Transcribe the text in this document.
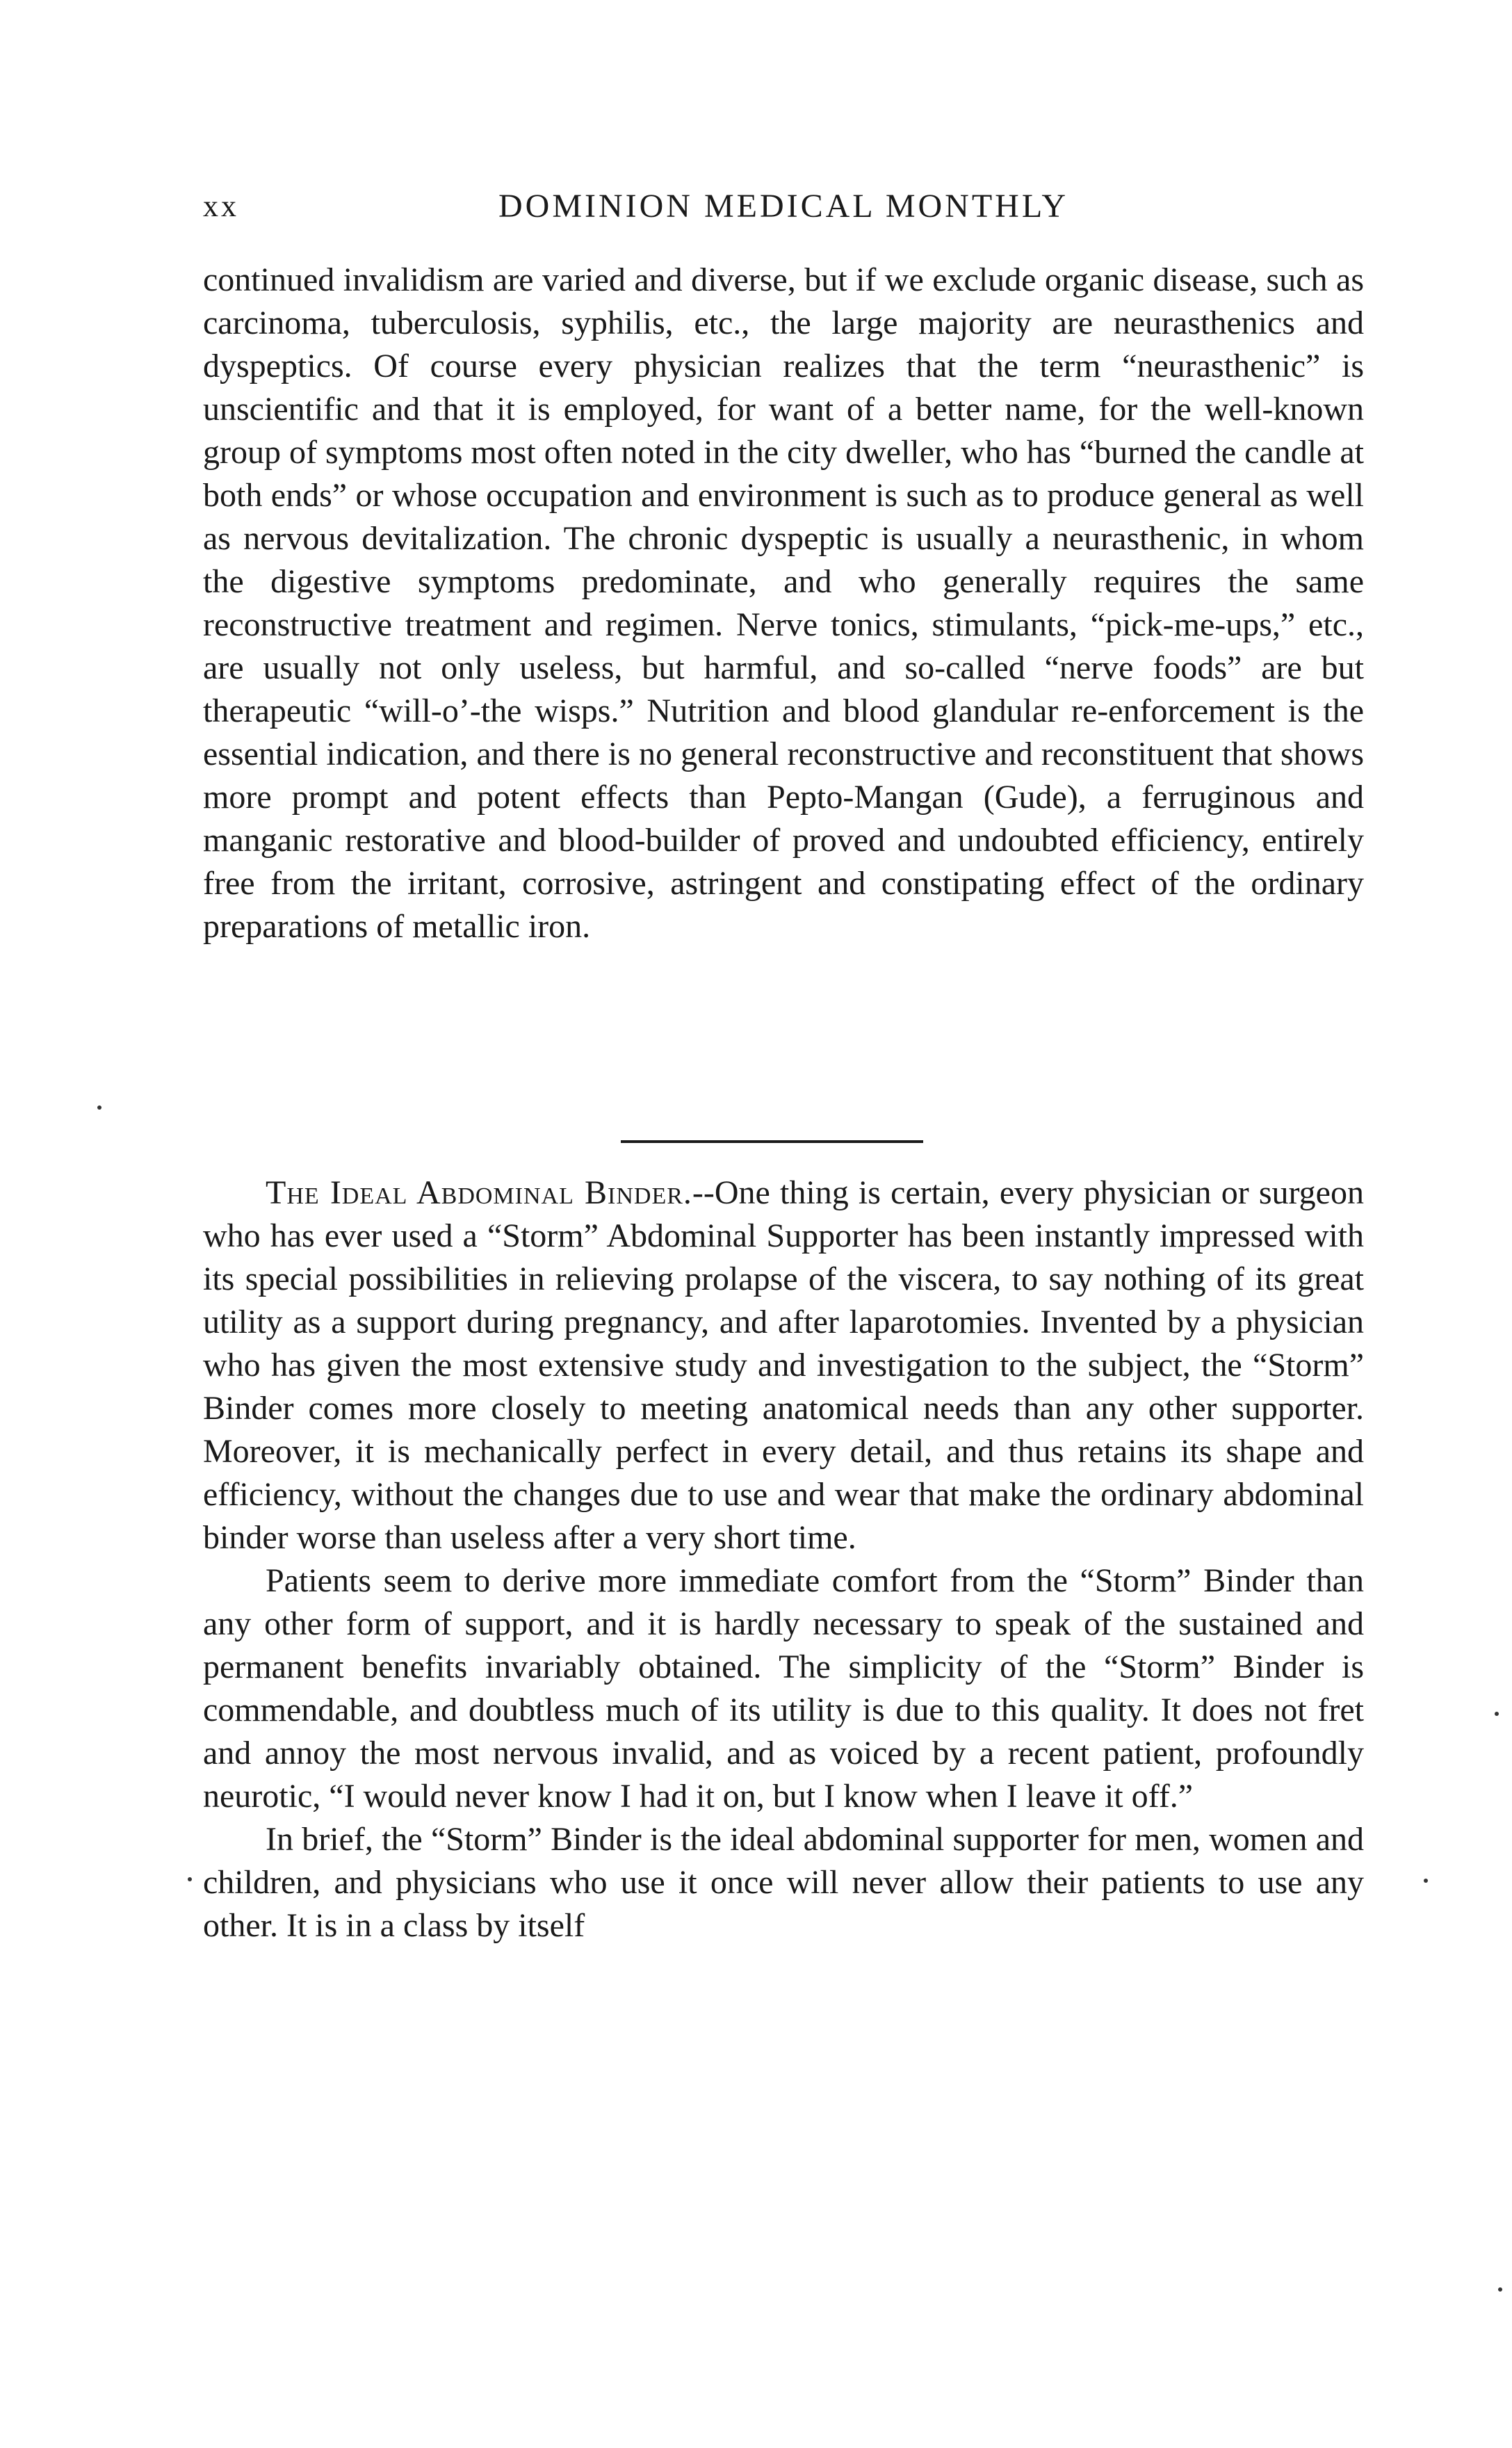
xx	DOMINION MEDICAL MONTHLY

continued invalidism are varied and diverse, but if we exclude organic disease, such as carcinoma, tuberculosis, syphilis, etc., the large majority are neurasthenics and dyspeptics. Of course every physician realizes that the term “neurasthenic” is unscientific and that it is employed, for want of a better name, for the well-known group of symptoms most often noted in the city dweller, who has “burned the candle at both ends” or whose occupation and environment is such as to produce general as well as nervous devitalization. The chronic dyspeptic is usually a neurasthenic, in whom the digestive symptoms predominate, and who generally requires the same reconstructive treatment and regimen. Nerve tonics, stimulants, “pick-me-ups,” etc., are usually not only useless, but harmful, and so-called “nerve foods” are but therapeutic “will-o’-the wisps.” Nutrition and blood glandular re-enforcement is the essential indication, and there is no general reconstructive and reconstituent that shows more prompt and potent effects than Pepto-Mangan (Gude), a ferruginous and manganic restorative and blood-builder of proved and undoubted efficiency, entirely free from the irritant, corrosive, astringent and constipating effect of the ordinary preparations of metallic iron.

The Ideal Abdominal Binder.--One thing is certain, every physician or surgeon who has ever used a “Storm” Abdominal Supporter has been instantly impressed with its special possibilities in relieving prolapse of the viscera, to say nothing of its great utility as a support during pregnancy, and after laparotomies. Invented by a physician who has given the most extensive study and investigation to the subject, the “Storm” Binder comes more closely to meeting anatomical needs than any other supporter. Moreover, it is mechanically perfect in every detail, and thus retains its shape and efficiency, without the changes due to use and wear that make the ordinary abdominal binder worse than useless after a very short time.

Patients seem to derive more immediate comfort from the “Storm” Binder than any other form of support, and it is hardly necessary to speak of the sustained and permanent benefits invariably obtained. The simplicity of the “Storm” Binder is commendable, and doubtless much of its utility is due to this quality. It does not fret and annoy the most nervous invalid, and as voiced by a recent patient, profoundly neurotic, “I would never know I had it on, but I know when I leave it off.”

In brief, the “Storm” Binder is the ideal abdominal supporter for men, women and children, and physicians who use it once will never allow their patients to use any other. It is in a class by itself
